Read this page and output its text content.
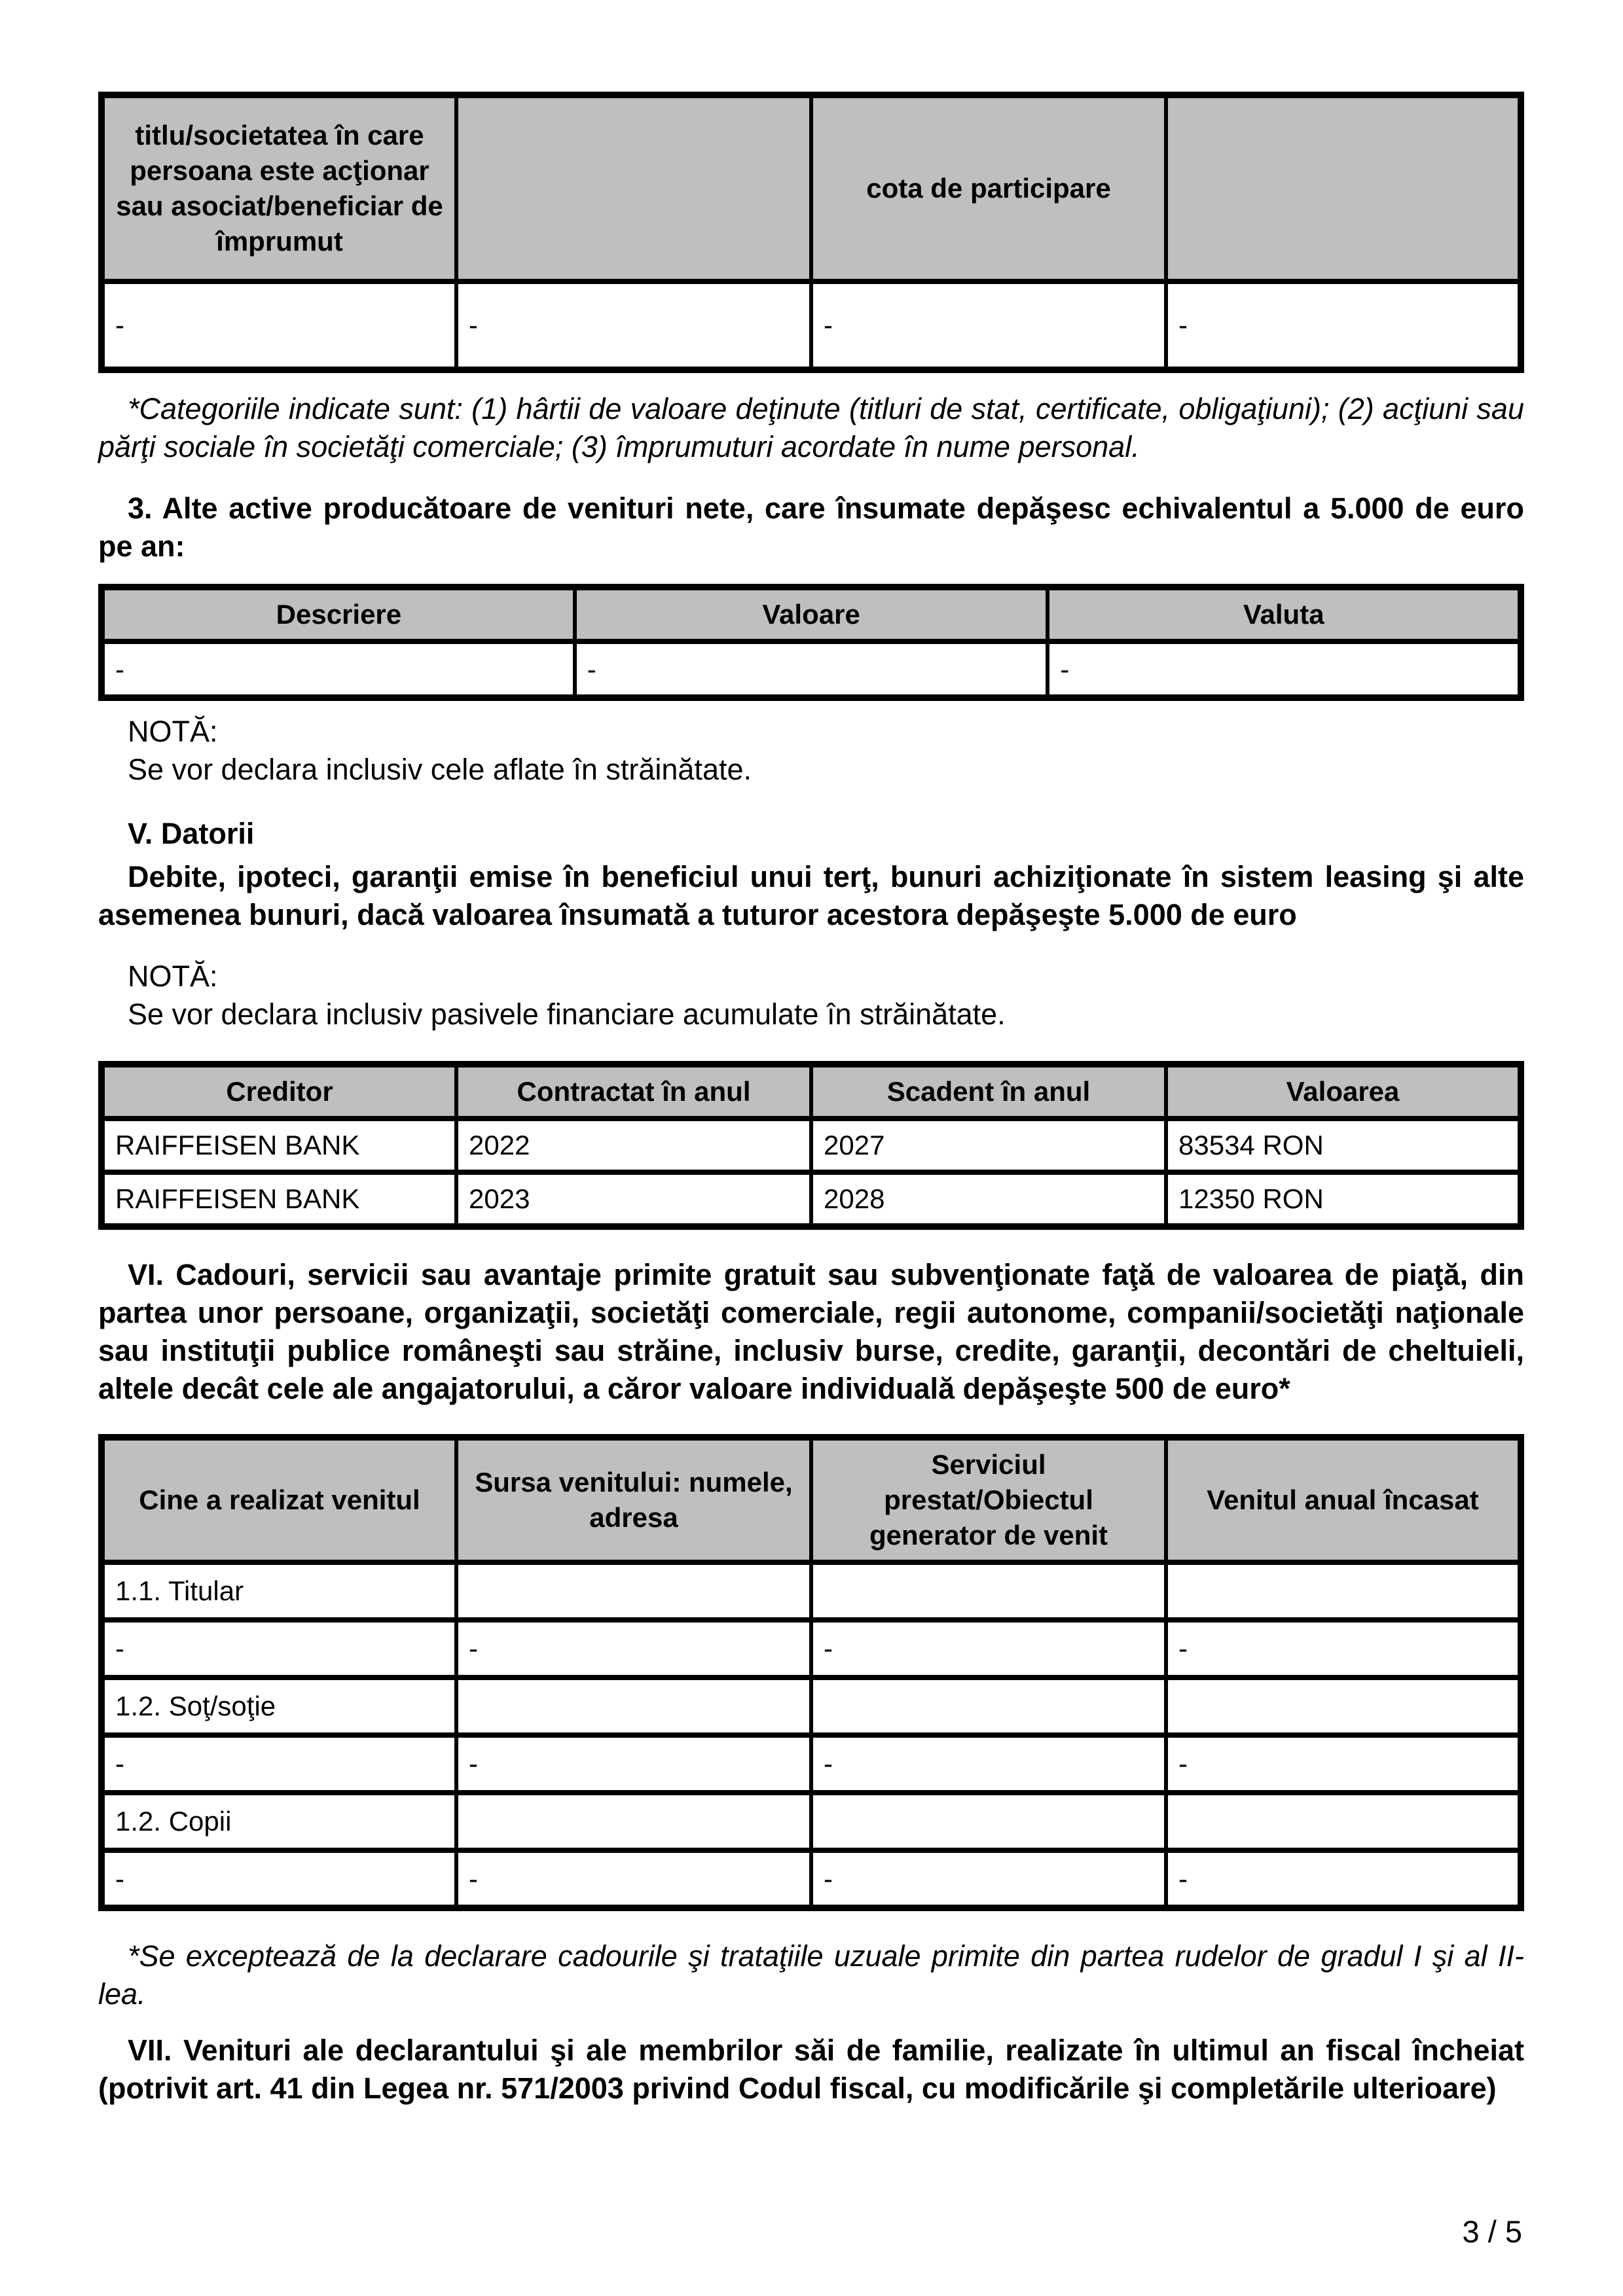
titlu/societatea în care persoana este acţionar sau asociat/beneficiar de împrumut		cota de participare	
-	-	-	-

*Categoriile indicate sunt: (1) hârtii de valoare deţinute (titluri de stat, certificate, obligaţiuni); (2) acţiuni sau părţi sociale în societăţi comerciale; (3) împrumuturi acordate în nume personal.

3. Alte active producătoare de venituri nete, care însumate depăşesc echivalentul a 5.000 de euro pe an:

Descriere	Valoare	Valuta
-	-	-

NOTĂ:

Se vor declara inclusiv cele aflate în străinătate.

V. Datorii

Debite, ipoteci, garanţii emise în beneficiul unui terţ, bunuri achiziţionate în sistem leasing şi alte asemenea bunuri, dacă valoarea însumată a tuturor acestora depăşeşte 5.000 de euro

NOTĂ:

Se vor declara inclusiv pasivele financiare acumulate în străinătate.

Creditor	Contractat în anul	Scadent în anul	Valoarea
RAIFFEISEN BANK	2022	2027	83534 RON
RAIFFEISEN BANK	2023	2028	12350 RON

VI. Cadouri, servicii sau avantaje primite gratuit sau subvenţionate faţă de valoarea de piaţă, din partea unor persoane, organizaţii, societăţi comerciale, regii autonome, companii/societăţi naţionale sau instituţii publice româneşti sau străine, inclusiv burse, credite, garanţii, decontări de cheltuieli, altele decât cele ale angajatorului, a căror valoare individuală depăşeşte 500 de euro*

Cine a realizat venitul	Sursa venitului: numele, adresa	Serviciul prestat/Obiectul generator de venit	Venitul anual încasat
1.1. Titular			
-	-	-	-
1.2. Soţ/soţie			
-	-	-	-
1.2. Copii			
-	-	-	-

*Se exceptează de la declarare cadourile şi trataţiile uzuale primite din partea rudelor de gradul I şi al II-lea.

VII. Venituri ale declarantului şi ale membrilor săi de familie, realizate în ultimul an fiscal încheiat (potrivit art. 41 din Legea nr. 571/2003 privind Codul fiscal, cu modificările şi completările ulterioare)

3 / 5
